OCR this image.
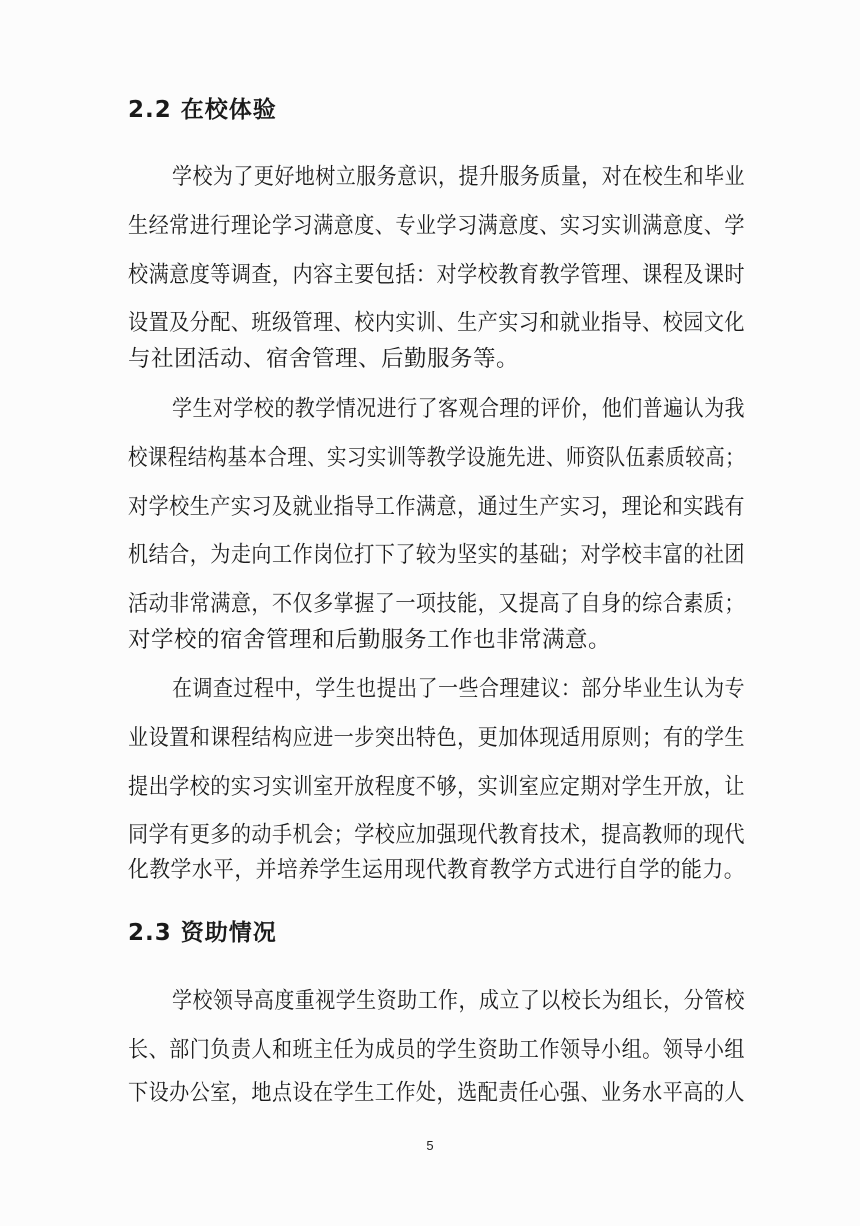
2.2 在校体验
学校为了更好地树立服务意识，提升服务质量，对在校生和毕业
生经常进行理论学习满意度、专业学习满意度、实习实训满意度、学
校满意度等调查，内容主要包括：对学校教育教学管理、课程及课时
设置及分配、班级管理、校内实训、生产实习和就业指导、校园文化
与社团活动、宿舍管理、后勤服务等。
学生对学校的教学情况进行了客观合理的评价，他们普遍认为我
校课程结构基本合理、实习实训等教学设施先进、师资队伍素质较高；
对学校生产实习及就业指导工作满意，通过生产实习，理论和实践有
机结合，为走向工作岗位打下了较为坚实的基础；对学校丰富的社团
活动非常满意，不仅多掌握了一项技能，又提高了自身的综合素质；
对学校的宿舍管理和后勤服务工作也非常满意。
在调查过程中，学生也提出了一些合理建议：部分毕业生认为专
业设置和课程结构应进一步突出特色，更加体现适用原则；有的学生
提出学校的实习实训室开放程度不够，实训室应定期对学生开放，让
同学有更多的动手机会；学校应加强现代教育技术，提高教师的现代
化教学水平，并培养学生运用现代教育教学方式进行自学的能力。
2.3 资助情况
学校领导高度重视学生资助工作，成立了以校长为组长，分管校
长、部门负责人和班主任为成员的学生资助工作领导小组。领导小组
下设办公室，地点设在学生工作处，选配责任心强、业务水平高的人
5
